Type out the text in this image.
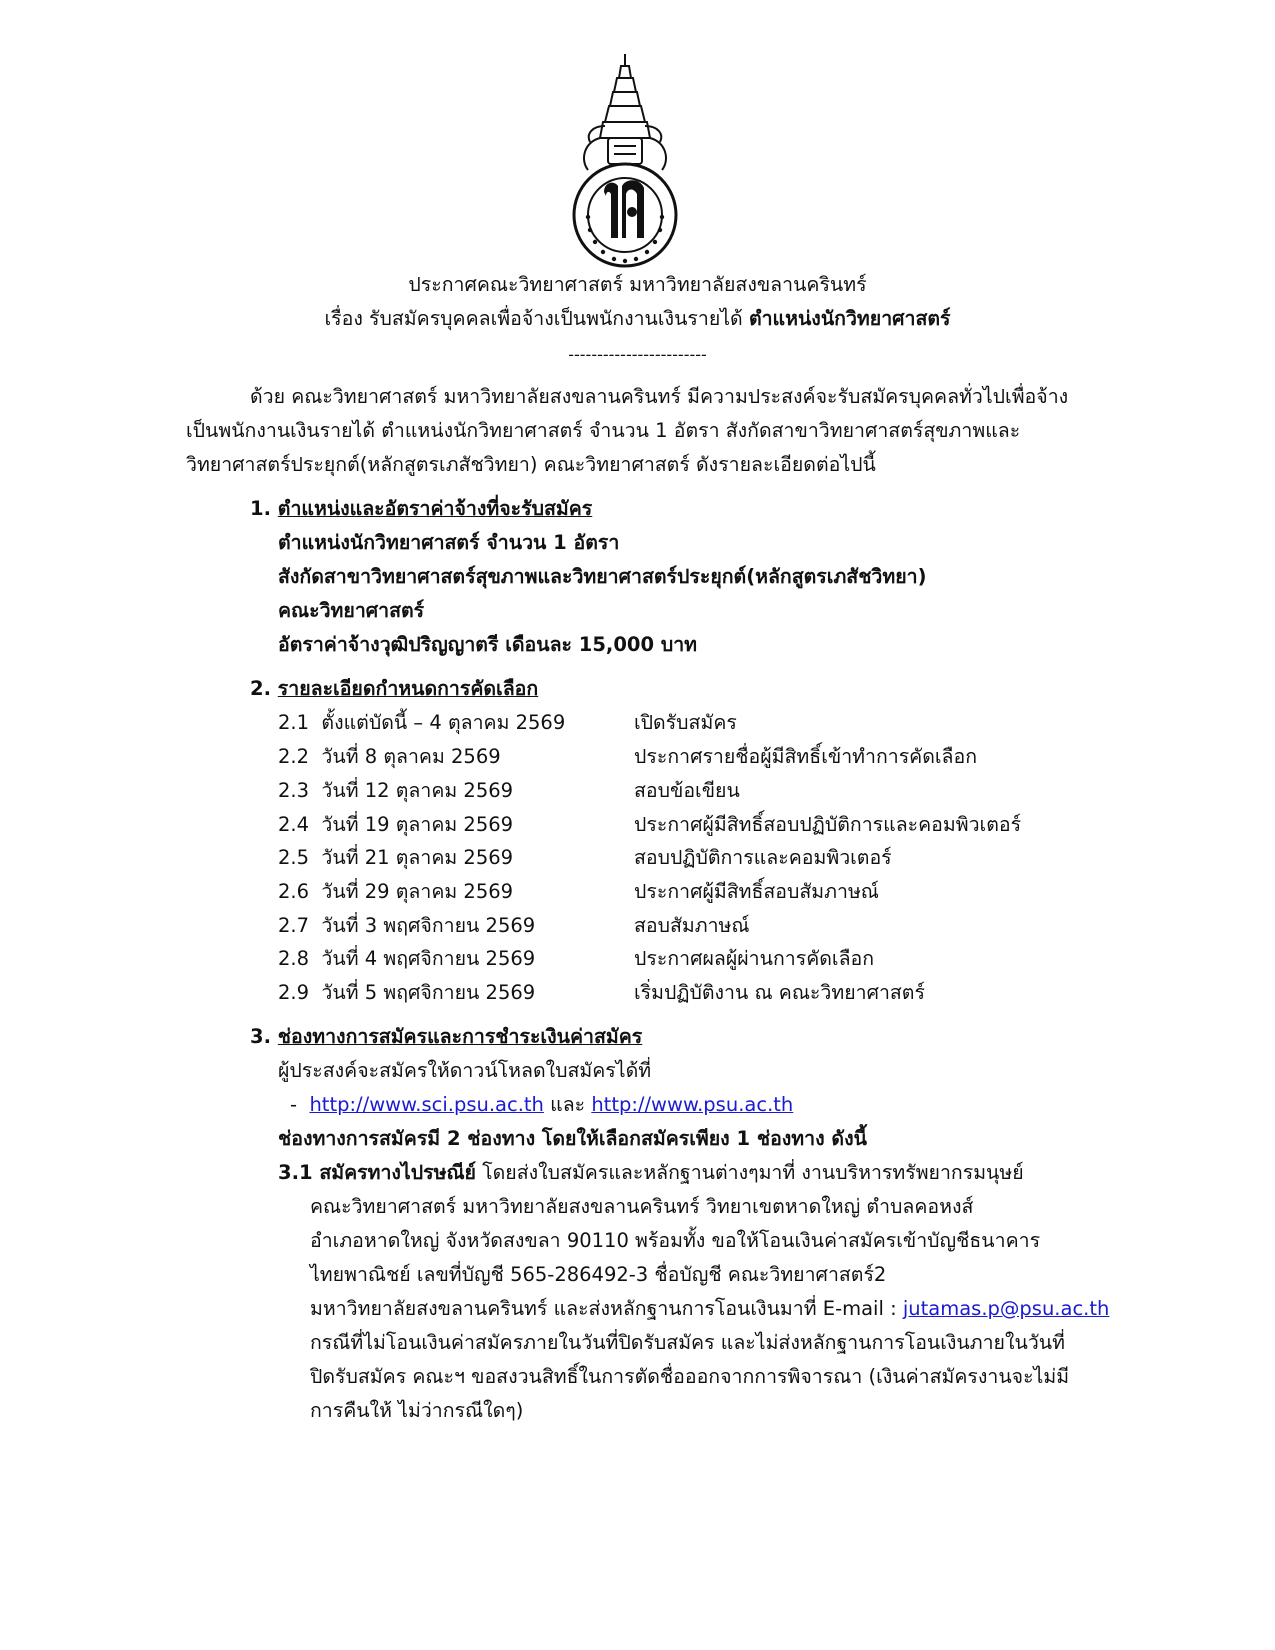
ประกาศคณะวิทยาศาสตร์ มหาวิทยาลัยสงขลานครินทร์
เรื่อง รับสมัครบุคคลเพื่อจ้างเป็นพนักงานเงินรายได้ ตำแหน่งนักวิทยาศาสตร์
------------------------
ด้วย คณะวิทยาศาสตร์ มหาวิทยาลัยสงขลานครินทร์ มีความประสงค์จะรับสมัครบุคคลทั่วไปเพื่อจ้าง
เป็นพนักงานเงินรายได้ ตำแหน่งนักวิทยาศาสตร์ จำนวน 1 อัตรา สังกัดสาขาวิทยาศาสตร์สุขภาพและ
วิทยาศาสตร์ประยุกต์(หลักสูตรเภสัชวิทยา) คณะวิทยาศาสตร์ ดังรายละเอียดต่อไปนี้
1. ตำแหน่งและอัตราค่าจ้างที่จะรับสมัคร
ตำแหน่งนักวิทยาศาสตร์ จำนวน 1 อัตรา
สังกัดสาขาวิทยาศาสตร์สุขภาพและวิทยาศาสตร์ประยุกต์(หลักสูตรเภสัชวิทยา)
คณะวิทยาศาสตร์
อัตราค่าจ้างวุฒิปริญญาตรี เดือนละ 15,000 บาท
2. รายละเอียดกำหนดการคัดเลือก
2.1 ตั้งแต่บัดนี้ – 4 ตุลาคม 2569	เปิดรับสมัคร
2.2 วันที่ 8 ตุลาคม 2569	ประกาศรายชื่อผู้มีสิทธิ์เข้าทำการคัดเลือก
2.3 วันที่ 12 ตุลาคม 2569	สอบข้อเขียน
2.4 วันที่ 19 ตุลาคม 2569	ประกาศผู้มีสิทธิ์สอบปฏิบัติการและคอมพิวเตอร์
2.5 วันที่ 21 ตุลาคม 2569	สอบปฏิบัติการและคอมพิวเตอร์
2.6 วันที่ 29 ตุลาคม 2569	ประกาศผู้มีสิทธิ์สอบสัมภาษณ์
2.7 วันที่ 3 พฤศจิกายน 2569	สอบสัมภาษณ์
2.8 วันที่ 4 พฤศจิกายน 2569	ประกาศผลผู้ผ่านการคัดเลือก
2.9 วันที่ 5 พฤศจิกายน 2569	เริ่มปฏิบัติงาน ณ คณะวิทยาศาสตร์
3. ช่องทางการสมัครและการชำระเงินค่าสมัคร
ผู้ประสงค์จะสมัครให้ดาวน์โหลดใบสมัครได้ที่
- http://www.sci.psu.ac.th และ http://www.psu.ac.th
ช่องทางการสมัครมี 2 ช่องทาง โดยให้เลือกสมัครเพียง 1 ช่องทาง ดังนี้
3.1 สมัครทางไปรษณีย์ โดยส่งใบสมัครและหลักฐานต่างๆมาที่ งานบริหารทรัพยากรมนุษย์
คณะวิทยาศาสตร์ มหาวิทยาลัยสงขลานครินทร์ วิทยาเขตหาดใหญ่ ตำบลคอหงส์
อำเภอหาดใหญ่ จังหวัดสงขลา 90110 พร้อมทั้ง ขอให้โอนเงินค่าสมัครเข้าบัญชีธนาคาร
ไทยพาณิชย์ เลขที่บัญชี 565-286492-3 ชื่อบัญชี คณะวิทยาศาสตร์2
มหาวิทยาลัยสงขลานครินทร์ และส่งหลักฐานการโอนเงินมาที่ E-mail : jutamas.p@psu.ac.th
กรณีที่ไม่โอนเงินค่าสมัครภายในวันที่ปิดรับสมัคร และไม่ส่งหลักฐานการโอนเงินภายในวันที่
ปิดรับสมัคร คณะฯ ขอสงวนสิทธิ์ในการตัดชื่อออกจากการพิจารณา (เงินค่าสมัครงานจะไม่มี
การคืนให้ ไม่ว่ากรณีใดๆ)
